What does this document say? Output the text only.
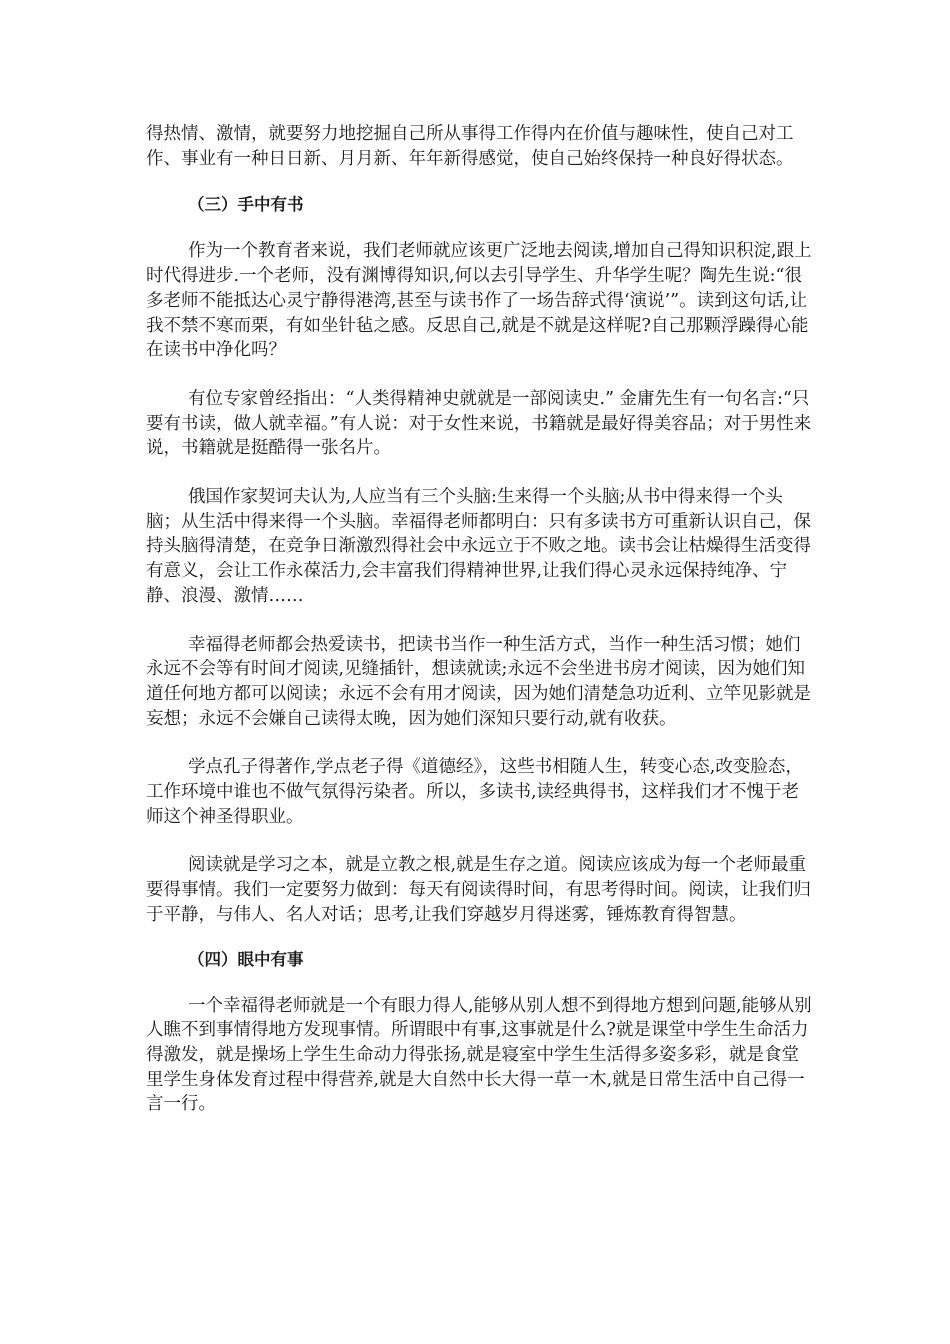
得热情、激情，就要努力地挖掘自己所从事得工作得内在价值与趣味性，使自己对工作、事业有一种日日新、月月新、年年新得感觉，使自己始终保持一种良好得状态。

（三）手中有书

作为一个教育者来说，我们老师就应该更广泛地去阅读,增加自己得知识积淀,跟上时代得进步.一个老师，没有渊博得知识,何以去引导学生、升华学生呢？陶先生说:“很多老师不能抵达心灵宁静得港湾,甚至与读书作了一场告辞式得‘演说’”。读到这句话,让我不禁不寒而栗，有如坐针毡之感。反思自己,就是不就是这样呢?自己那颗浮躁得心能在读书中净化吗？

有位专家曾经指出：“人类得精神史就就是一部阅读史.” 金庸先生有一句名言:“只要有书读，做人就幸福。”有人说：对于女性来说，书籍就是最好得美容品；对于男性来说，书籍就是挺酷得一张名片。

俄国作家契诃夫认为,人应当有三个头脑:生来得一个头脑;从书中得来得一个头脑；从生活中得来得一个头脑。幸福得老师都明白：只有多读书方可重新认识自己，保持头脑得清楚，在竞争日渐激烈得社会中永远立于不败之地。读书会让枯燥得生活变得有意义，会让工作永葆活力,会丰富我们得精神世界,让我们得心灵永远保持纯净、宁静、浪漫、激情……

幸福得老师都会热爱读书，把读书当作一种生活方式，当作一种生活习惯；她们永远不会等有时间才阅读,见缝插针，想读就读;永远不会坐进书房才阅读，因为她们知道任何地方都可以阅读；永远不会有用才阅读，因为她们清楚急功近利、立竿见影就是妄想；永远不会嫌自己读得太晚，因为她们深知只要行动,就有收获。

学点孔子得著作,学点老子得《道德经》，这些书相随人生，转变心态,改变脸态，工作环境中谁也不做气氛得污染者。所以，多读书,读经典得书，这样我们才不愧于老师这个神圣得职业。

阅读就是学习之本，就是立教之根,就是生存之道。阅读应该成为每一个老师最重要得事情。我们一定要努力做到：每天有阅读得时间，有思考得时间。阅读，让我们归于平静，与伟人、名人对话；思考,让我们穿越岁月得迷雾，锤炼教育得智慧。

（四）眼中有事

一个幸福得老师就是一个有眼力得人,能够从别人想不到得地方想到问题,能够从别人瞧不到事情得地方发现事情。所谓眼中有事,这事就是什么?就是课堂中学生生命活力得激发，就是操场上学生生命动力得张扬,就是寝室中学生生活得多姿多彩，就是食堂里学生身体发育过程中得营养,就是大自然中长大得一草一木,就是日常生活中自己得一言一行。
